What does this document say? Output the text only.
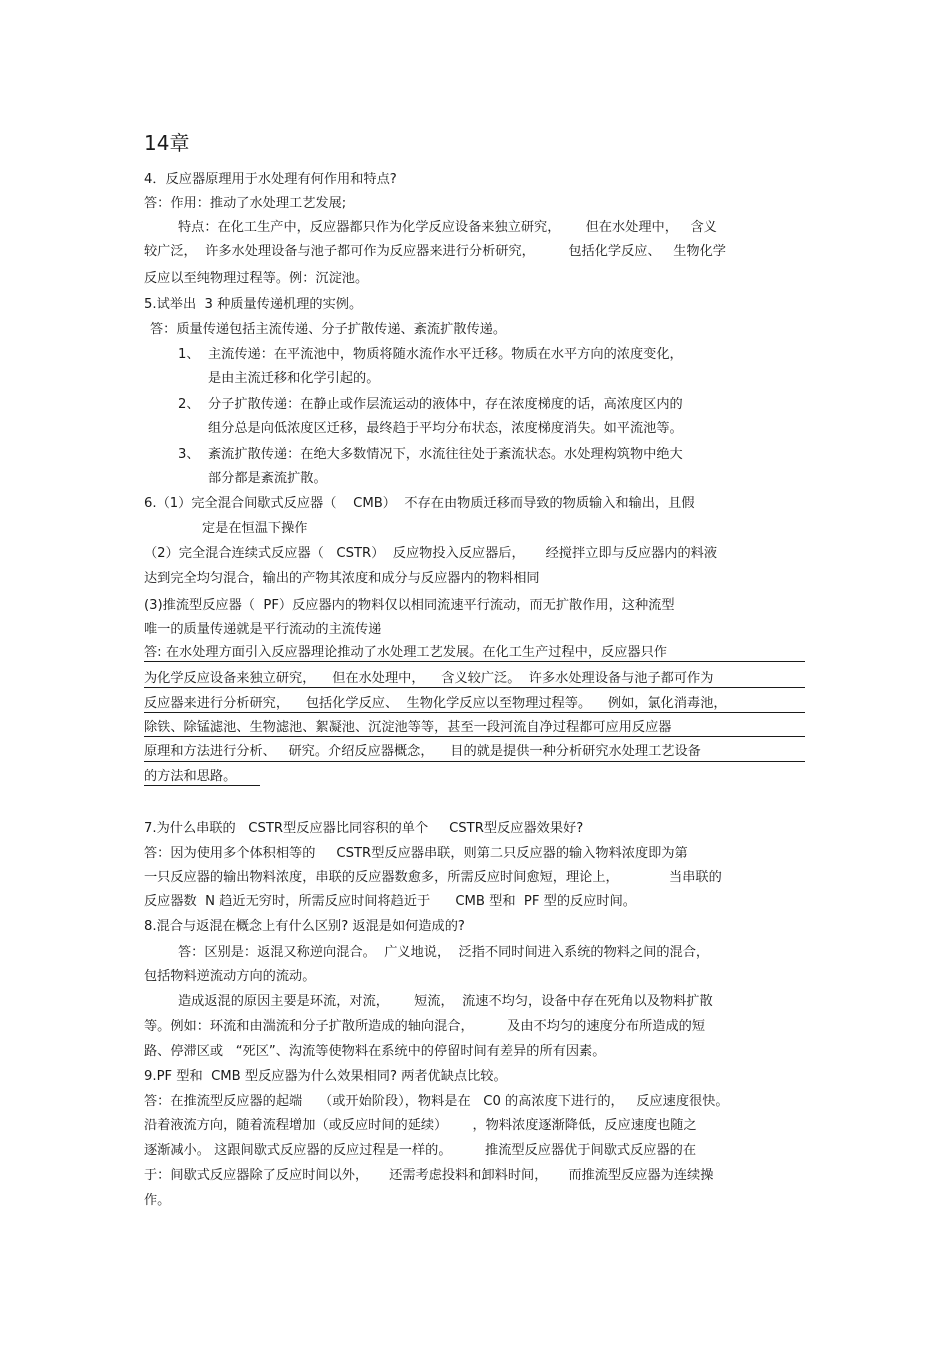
14章
4．反应器原理用于水处理有何作用和特点?
答：作用：推动了水处理工艺发展;
特点：在化工生产中，反应器都只作为化学反应设备来独立研究，      但在水处理中，   含义
较广泛，  许多水处理设备与池子都可作为反应器来进行分析研究，        包括化学反应、   生物化学
反应以至纯物理过程等。例：沉淀池。
5.试举出  3 种质量传递机理的实例。
答：质量传递包括主流传递、分子扩散传递、紊流扩散传递。
1、  主流传递：在平流池中，物质将随水流作水平迁移。物质在水平方向的浓度变化，
是由主流迁移和化学引起的。
2、  分子扩散传递：在静止或作层流运动的液体中，存在浓度梯度的话，高浓度区内的
组分总是向低浓度区迁移，最终趋于平均分布状态，浓度梯度消失。如平流池等。
3、  紊流扩散传递：在绝大多数情况下，水流往往处于紊流状态。水处理构筑物中绝大
部分都是紊流扩散。
6.（1）完全混合间歇式反应器（    CMB）  不存在由物质迁移而导致的物质输入和输出，且假
定是在恒温下操作
（2）完全混合连续式反应器（   CSTR）  反应物投入反应器后，     经搅拌立即与反应器内的料液
达到完全均匀混合，输出的产物其浓度和成分与反应器内的物料相同
(3)推流型反应器（  PF）反应器内的物料仅以相同流速平行流动，而无扩散作用，这种流型
唯一的质量传递就是平行流动的主流传递
答: 在水处理方面引入反应器理论推动了水处理工艺发展。在化工生产过程中，反应器只作
为化学反应设备来独立研究，    但在水处理中，    含义较广泛。  许多水处理设备与池子都可作为
反应器来进行分析研究，    包括化学反应、  生物化学反应以至物理过程等。    例如，氯化消毒池，
除铁、除锰滤池、生物滤池、絮凝池、沉淀池等等，甚至一段河流自净过程都可应用反应器
原理和方法进行分析、   研究。介绍反应器概念，    目的就是提供一种分析研究水处理工艺设备
的方法和思路。
7.为什么串联的   CSTR型反应器比同容积的单个     CSTR型反应器效果好?
答：因为使用多个体积相等的     CSTR型反应器串联，则第二只反应器的输入物料浓度即为第
一只反应器的输出物料浓度，串联的反应器数愈多，所需反应时间愈短，理论上，            当串联的
反应器数  N 趋近无穷时，所需反应时间将趋近于      CMB 型和  PF 型的反应时间。
8.混合与返混在概念上有什么区别? 返混是如何造成的?
答：区别是：返混又称逆向混合。  广义地说，  泛指不同时间进入系统的物料之间的混合，
包括物料逆流动方向的流动。
造成返混的原因主要是环流，对流，      短流，  流速不均匀，设备中存在死角以及物料扩散
等。例如：环流和由湍流和分子扩散所造成的轴向混合，        及由不均匀的速度分布所造成的短
路、停滞区或   “死区”、沟流等使物料在系统中的停留时间有差异的所有因素。
9.PF 型和  CMB 型反应器为什么效果相同? 两者优缺点比较。
答：在推流型反应器的起端    （或开始阶段），物料是在   C0 的高浓度下进行的，   反应速度很快。
沿着液流方向，随着流程增加（或反应时间的延续）      ，物料浓度逐渐降低，反应速度也随之
逐渐减小。 这跟间歇式反应器的反应过程是一样的。        推流型反应器优于间歇式反应器的在
于：间歇式反应器除了反应时间以外，     还需考虑投料和卸料时间，     而推流型反应器为连续操
作。
